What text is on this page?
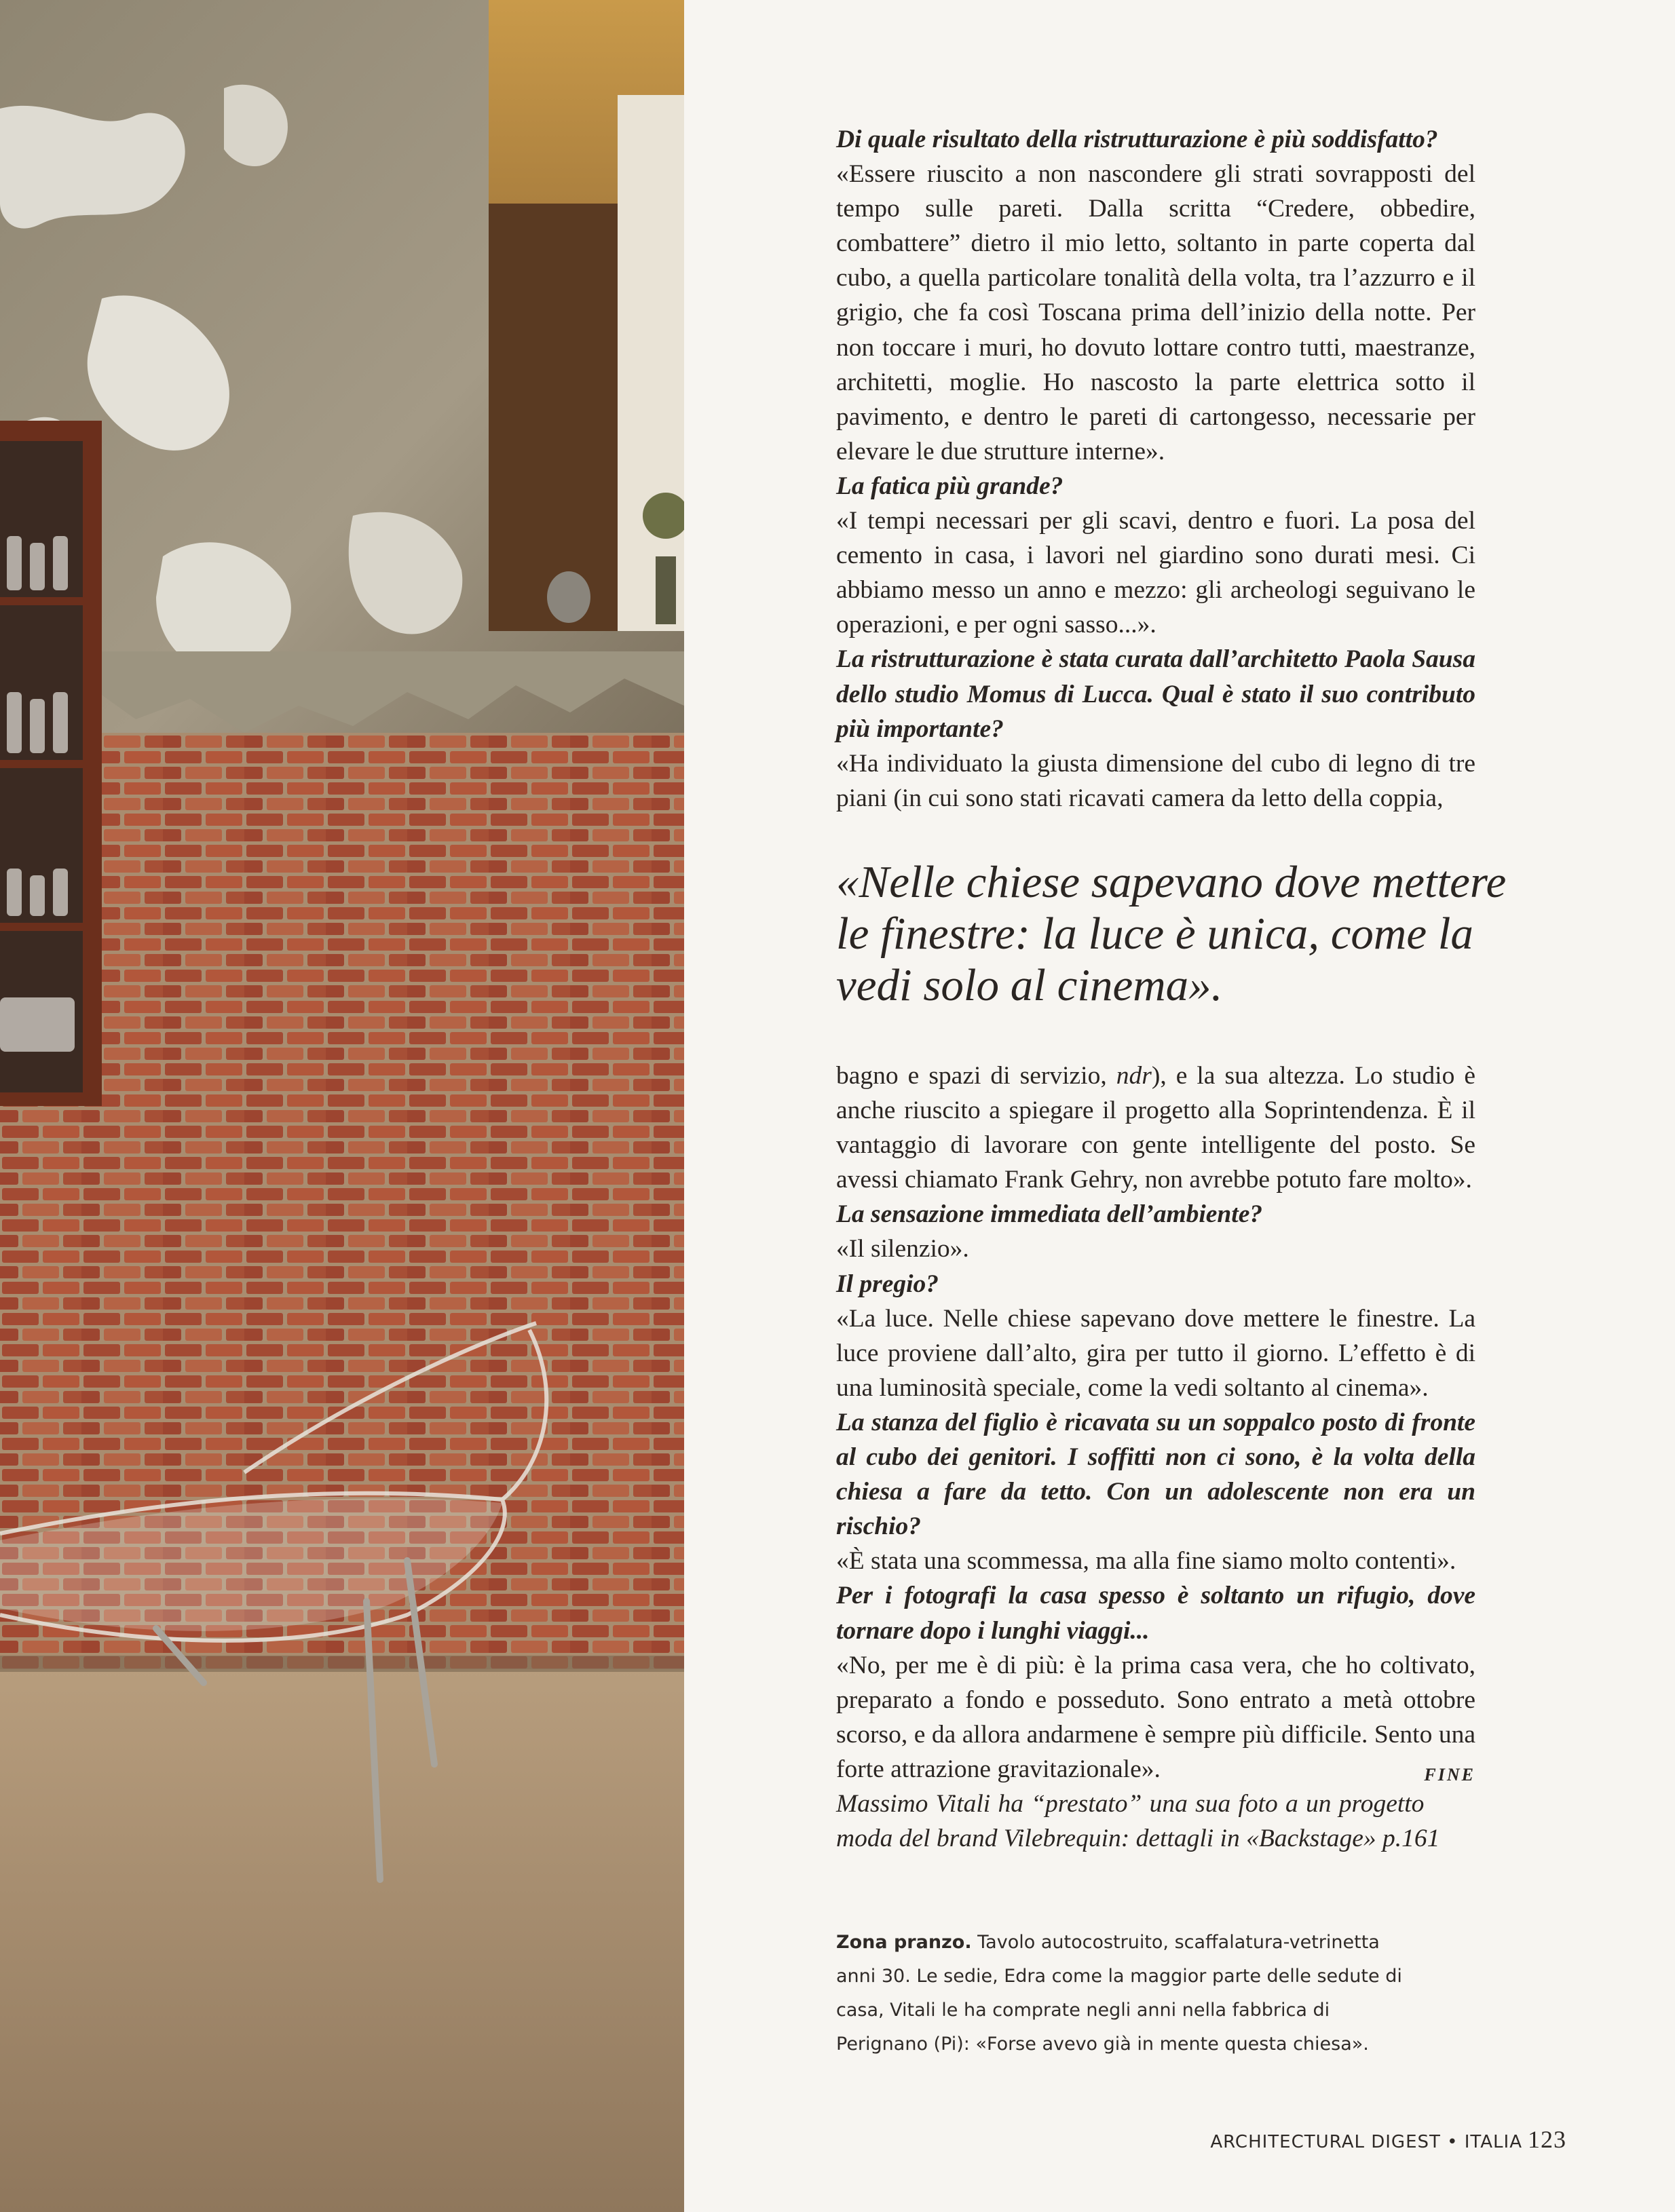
Di quale risultato della ristrutturazione è più soddisfatto?
«Essere riuscito a non nascondere gli strati sovrapposti del tempo sulle pareti. Dalla scritta “Credere, obbedire, combattere” dietro il mio letto, soltanto in parte coperta dal cubo, a quella particolare tonalità della volta, tra l’azzurro e il grigio, che fa così Toscana prima dell’inizio della notte. Per non toccare i muri, ho dovuto lottare contro tutti, maestranze, architetti, moglie. Ho nascosto la parte elettrica sotto il pavimento, e dentro le pareti di cartongesso, necessarie per elevare le due strutture interne».
La fatica più grande?
«I tempi necessari per gli scavi, dentro e fuori. La posa del cemento in casa, i lavori nel giardino sono durati mesi. Ci abbiamo messo un anno e mezzo: gli archeologi seguivano le operazioni, e per ogni sasso...».
La ristrutturazione è stata curata dall’architetto Paola Sausa dello studio Momus di Lucca. Qual è stato il suo contributo più importante?
«Ha individuato la giusta dimensione del cubo di legno di tre piani (in cui sono stati ricavati camera da letto della coppia,
«Nelle chiese sapevano dove mettere le finestre: la luce è unica, come la vedi solo al cinema».
bagno e spazi di servizio, ndr), e la sua altezza. Lo studio è anche riuscito a spiegare il progetto alla Soprintendenza. È il vantaggio di lavorare con gente intelligente del posto. Se avessi chiamato Frank Gehry, non avrebbe potuto fare molto».
La sensazione immediata dell’ambiente?
«Il silenzio».
Il pregio?
«La luce. Nelle chiese sapevano dove mettere le finestre. La luce proviene dall’alto, gira per tutto il giorno. L’effetto è di una luminosità speciale, come la vedi soltanto al cinema».
La stanza del figlio è ricavata su un soppalco posto di fronte al cubo dei genitori. I soffitti non ci sono, è la volta della chiesa a fare da tetto. Con un adolescente non era un rischio?
«È stata una scommessa, ma alla fine siamo molto contenti».
Per i fotografi la casa spesso è soltanto un rifugio, dove tornare dopo i lunghi viaggi...
«No, per me è di più: è la prima casa vera, che ho coltivato, preparato a fondo e posseduto. Sono entrato a metà ottobre scorso, e da allora andarmene è sempre più difficile. Sento una forte attrazione gravitazionale».	FINE
Massimo Vitali ha “prestato” una sua foto a un progetto moda del brand Vilebrequin: dettagli in «Backstage» p.161
Zona pranzo. Tavolo autocostruito, scaffalatura-vetrinetta anni 30. Le sedie, Edra come la maggior parte delle sedute di casa, Vitali le ha comprate negli anni nella fabbrica di Perignano (Pi): «Forse avevo già in mente questa chiesa».
ARCHITECTURAL DIGEST • ITALIA 123
